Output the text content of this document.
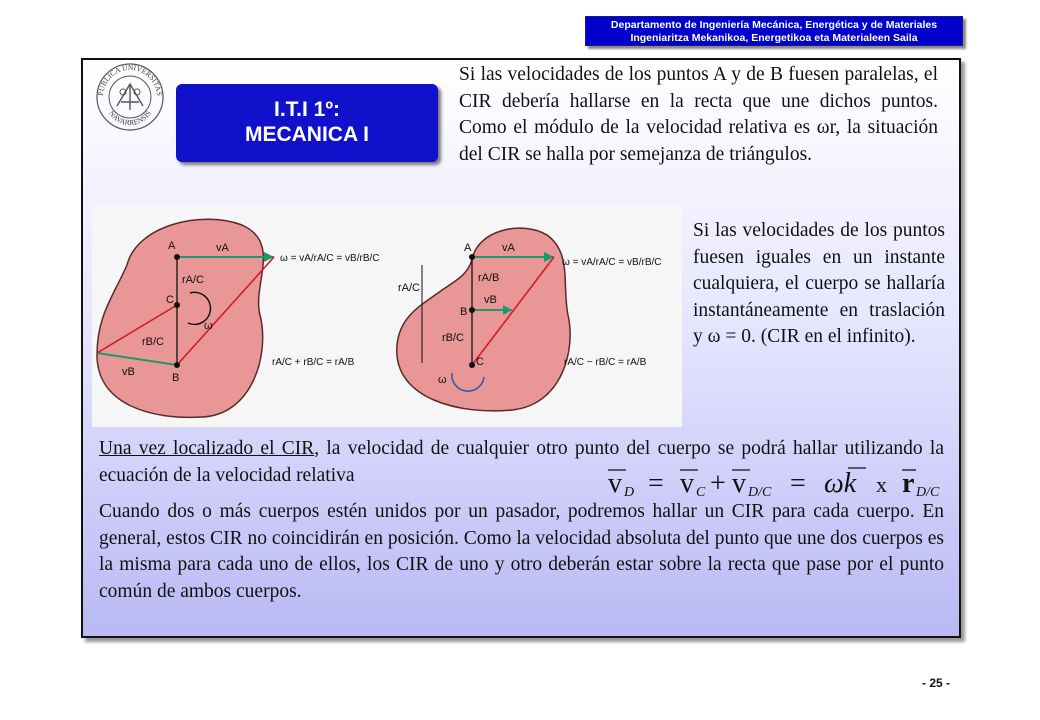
Departamento de Ingeniería Mecánica, Energética y de Materiales
Ingeniaritza Mekanikoa, Energetikoa eta Materialeen Saila
PUBLICA UNIVERSITAS
NAVARRENSIS	I.T.I 1º:
MECANICA I
Si las velocidades de los puntos A y de B fuesen paralelas, el CIR debería hallarse en la recta que une dichos puntos. Como el módulo de la velocidad relativa es ωr, la situación del CIR se halla por semejanza de triángulos.
Si las velocidades de los puntos fuesen iguales en un instante cualquiera, el cuerpo se hallaría instantáneamente en traslación y ω = 0. (CIR en el infinito).
Una vez localizado el CIR, la velocidad de cualquier otro punto del cuerpo se podrá hallar utilizando la ecuación de la velocidad relativa
Cuando dos o más cuerpos estén unidos por un pasador, podremos hallar un CIR para cada cuerpo. En general, estos CIR no coincidirán en posición. Como la velocidad absoluta del punto que une dos cuerpos es la misma para cada uno de ellos, los CIR de uno y otro deberán estar sobre la recta que pase por el punto común de ambos cuerpos.
v D = v C + v D/C = ωk x r D/C
A
C
B
vA
vB
rA/C
rB/C
ω
ω = vA/rA/C = vB/rB/C
rA/C + rB/C = rA/B
A
B
C
vA
vB
rA/B
rA/C
rB/C
ω
ω = vA/rA/C = vB/rB/C
rA/C − rB/C = rA/B
- 25 -
